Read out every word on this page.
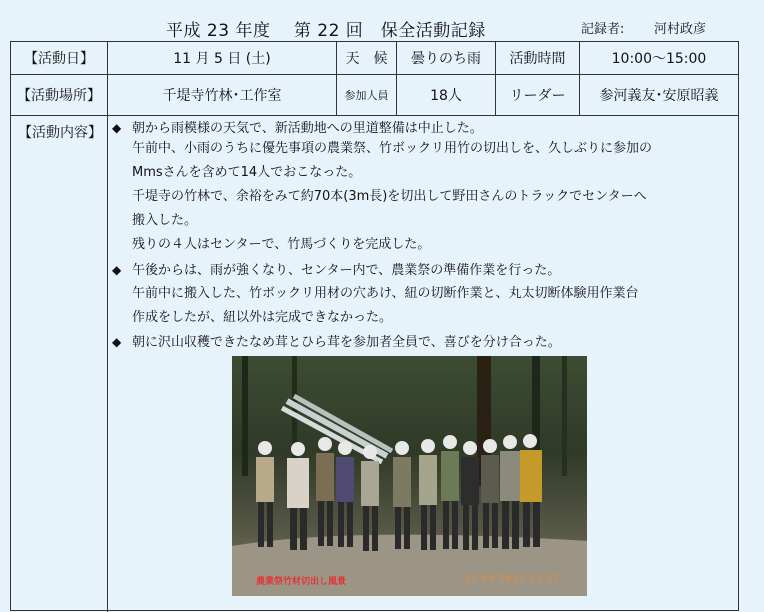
平成 23 年度　 第 22 回　保全活動記録	記録者: 河村政彦
【活動日】	11 月 5 日 (土)	天　候	曇りのち雨	活動時間	10:00～15:00
【活動場所】	千堤寺竹林･工作室	参加人員	18人	リーダー	参河義友･安原昭義
【活動内容】 ◆ 朝から雨模様の天気で、新活動地への里道整備は中止した。
午前中、小雨のうちに優先事項の農業祭、竹ボックリ用竹の切出しを、久しぶりに参加の
Mmsさんを含めて14人でおこなった。
千堤寺の竹林で、余裕をみて約70本(3m長)を切出して野田さんのトラックでセンターへ
搬入した。
残りの４人はセンターで、竹馬づくりを完成した。
◆ 午後からは、雨が強くなり、センター内で、農業祭の準備作業を行った。
午前中に搬入した、竹ボックリ用材の穴あけ、紐の切断作業と、丸太切断体験用作業台
作成をしたが、紐以外は完成できなかった。
◆ 朝に沢山収穫できたなめ茸とひら茸を参加者全員で、喜びを分け合った。
農業祭竹材切出し風景	11 05 2011 11 27
